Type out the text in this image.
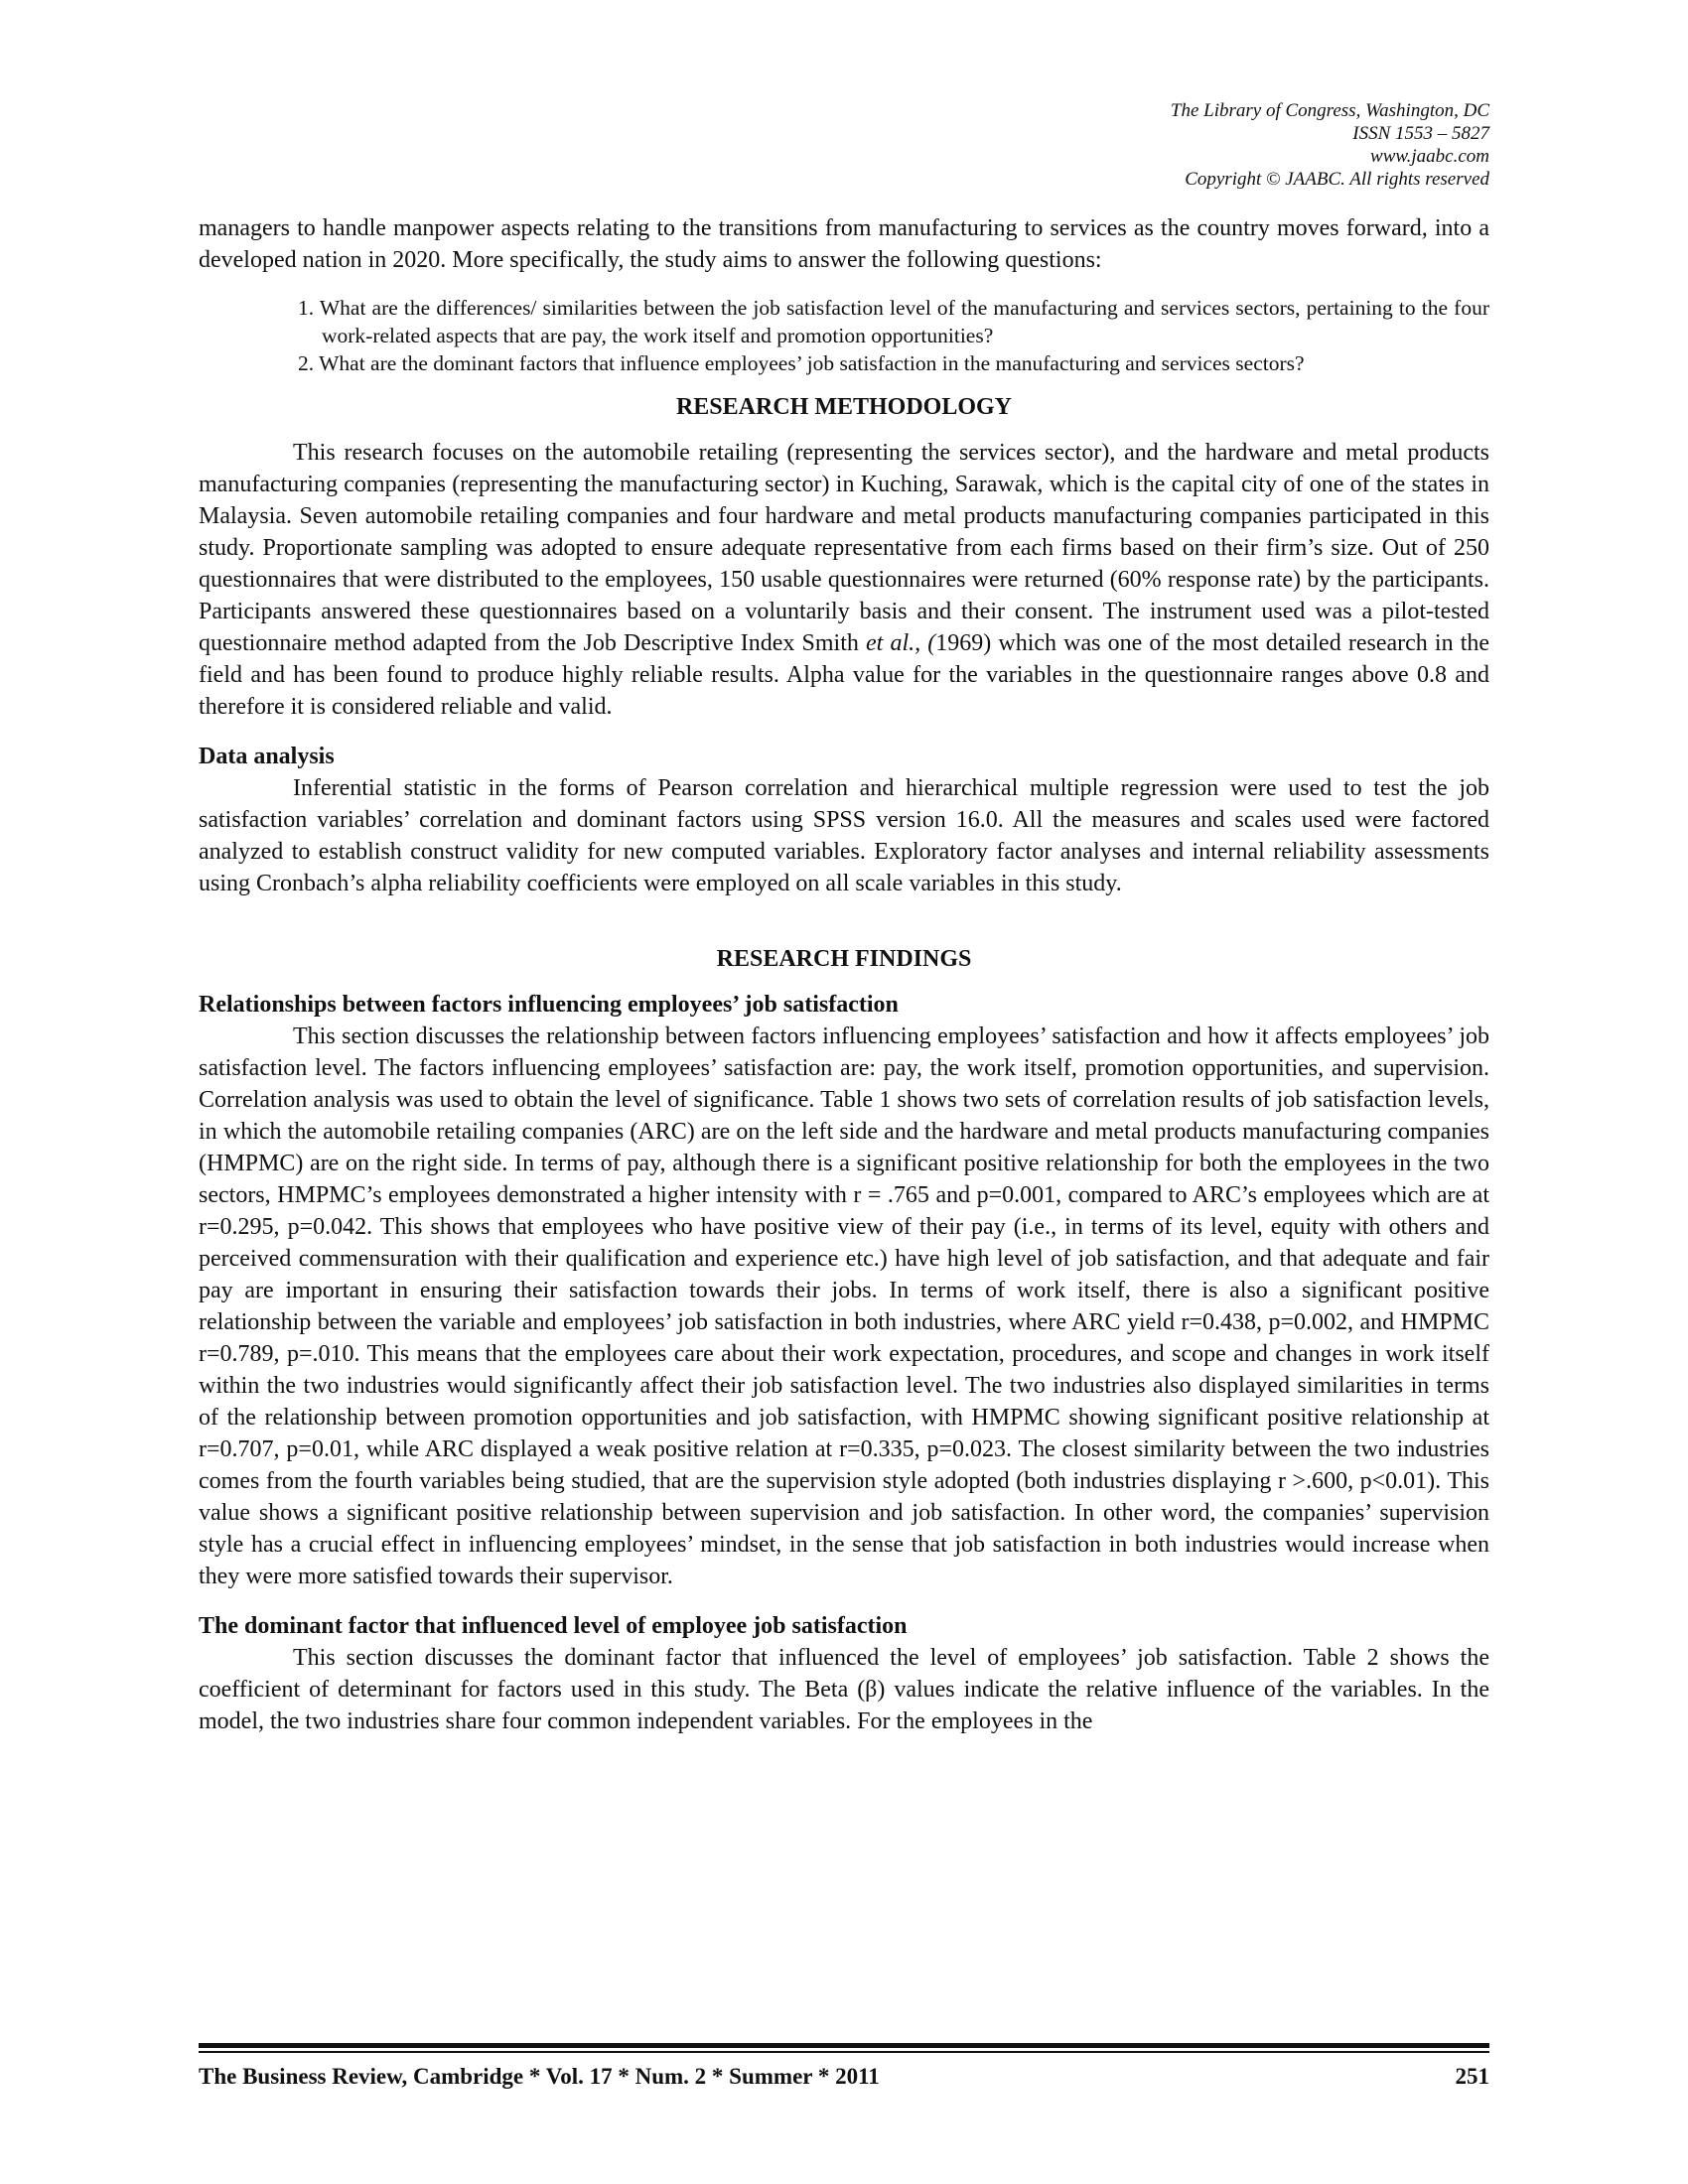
The Library of Congress, Washington, DC
ISSN 1553 – 5827
www.jaabc.com
Copyright © JAABC. All rights reserved

managers to handle manpower aspects relating to the transitions from manufacturing to services as the country moves forward, into a developed nation in 2020. More specifically, the study aims to answer the following questions:

1. What are the differences/ similarities between the job satisfaction level of the manufacturing and services sectors, pertaining to the four work-related aspects that are pay, the work itself and promotion opportunities?
2. What are the dominant factors that influence employees’ job satisfaction in the manufacturing and services sectors?
RESEARCH METHODOLOGY

This research focuses on the automobile retailing (representing the services sector), and the hardware and metal products manufacturing companies (representing the manufacturing sector) in Kuching, Sarawak, which is the capital city of one of the states in Malaysia. Seven automobile retailing companies and four hardware and metal products manufacturing companies participated in this study. Proportionate sampling was adopted to ensure adequate representative from each firms based on their firm’s size. Out of 250 questionnaires that were distributed to the employees, 150 usable questionnaires were returned (60% response rate) by the participants. Participants answered these questionnaires based on a voluntarily basis and their consent. The instrument used was a pilot-tested questionnaire method adapted from the Job Descriptive Index Smith et al., (1969) which was one of the most detailed research in the field and has been found to produce highly reliable results. Alpha value for the variables in the questionnaire ranges above 0.8 and therefore it is considered reliable and valid.

Data analysis

Inferential statistic in the forms of Pearson correlation and hierarchical multiple regression were used to test the job satisfaction variables’ correlation and dominant factors using SPSS version 16.0. All the measures and scales used were factored analyzed to establish construct validity for new computed variables. Exploratory factor analyses and internal reliability assessments using Cronbach’s alpha reliability coefficients were employed on all scale variables in this study.

RESEARCH FINDINGS

Relationships between factors influencing employees’ job satisfaction

This section discusses the relationship between factors influencing employees’ satisfaction and how it affects employees’ job satisfaction level. The factors influencing employees’ satisfaction are: pay, the work itself, promotion opportunities, and supervision. Correlation analysis was used to obtain the level of significance. Table 1 shows two sets of correlation results of job satisfaction levels, in which the automobile retailing companies (ARC) are on the left side and the hardware and metal products manufacturing companies (HMPMC) are on the right side. In terms of pay, although there is a significant positive relationship for both the employees in the two sectors, HMPMC’s employees demonstrated a higher intensity with r = .765 and p=0.001, compared to ARC’s employees which are at r=0.295, p=0.042. This shows that employees who have positive view of their pay (i.e., in terms of its level, equity with others and perceived commensuration with their qualification and experience etc.) have high level of job satisfaction, and that adequate and fair pay are important in ensuring their satisfaction towards their jobs. In terms of work itself, there is also a significant positive relationship between the variable and employees’ job satisfaction in both industries, where ARC yield r=0.438, p=0.002, and HMPMC r=0.789, p=.010. This means that the employees care about their work expectation, procedures, and scope and changes in work itself within the two industries would significantly affect their job satisfaction level. The two industries also displayed similarities in terms of the relationship between promotion opportunities and job satisfaction, with HMPMC showing significant positive relationship at r=0.707, p=0.01, while ARC displayed a weak positive relation at r=0.335, p=0.023. The closest similarity between the two industries comes from the fourth variables being studied, that are the supervision style adopted (both industries displaying r >.600, p<0.01). This value shows a significant positive relationship between supervision and job satisfaction. In other word, the companies’ supervision style has a crucial effect in influencing employees’ mindset, in the sense that job satisfaction in both industries would increase when they were more satisfied towards their supervisor.

The dominant factor that influenced level of employee job satisfaction

This section discusses the dominant factor that influenced the level of employees’ job satisfaction. Table 2 shows the coefficient of determinant for factors used in this study. The Beta (β) values indicate the relative influence of the variables. In the model, the two industries share four common independent variables. For the employees in the

The Business Review, Cambridge * Vol. 17 * Num. 2 * Summer * 2011	251
